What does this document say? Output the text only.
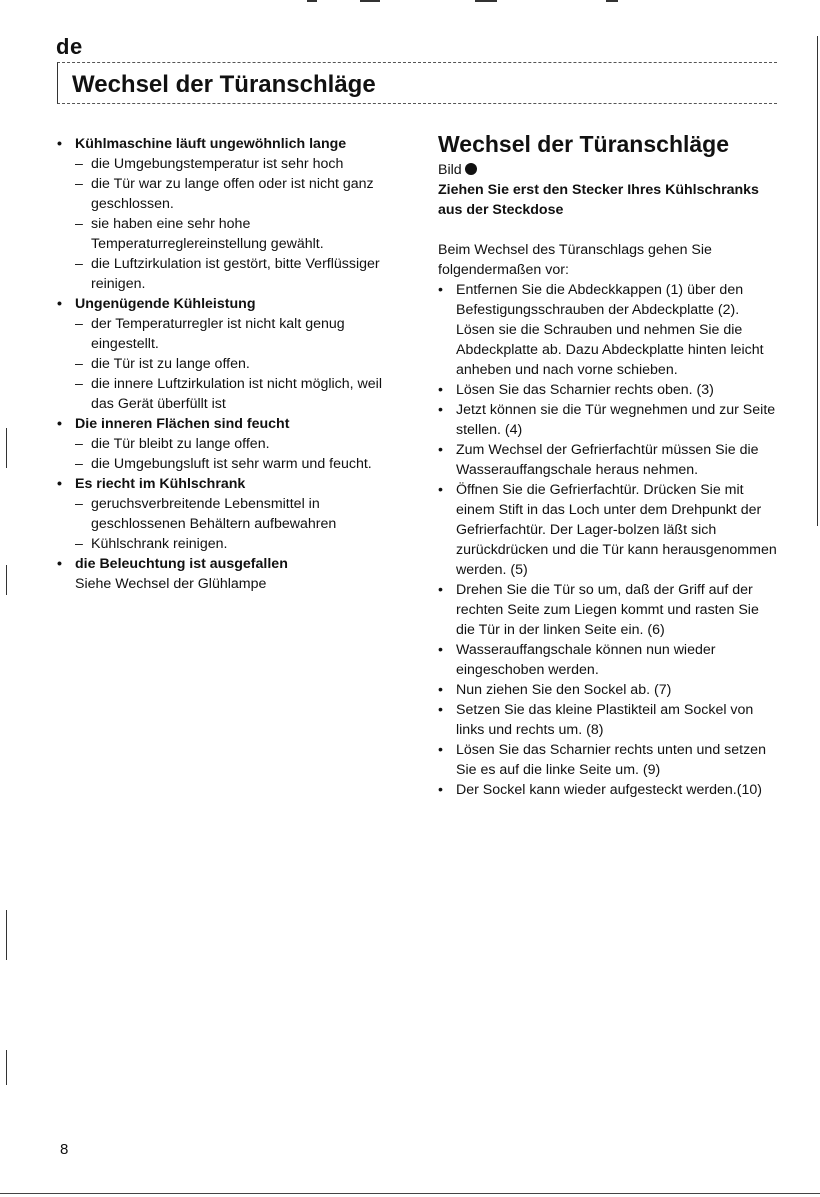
de
Wechsel der Türanschläge
• Kühlmaschine läuft ungewöhnlich lange
– die Umgebungstemperatur ist sehr hoch
– die Tür war zu lange offen oder ist nicht ganz geschlossen.
– sie haben eine sehr hohe Temperaturreglereinstellung gewählt.
– die Luftzirkulation ist gestört, bitte Verflüssiger reinigen.
• Ungenügende Kühleistung
– der Temperaturregler ist nicht kalt genug eingestellt.
– die Tür ist zu lange offen.
– die innere Luftzirkulation ist nicht möglich, weil das Gerät überfüllt ist
• Die inneren Flächen sind feucht
– die Tür bleibt zu lange offen.
– die Umgebungsluft ist sehr warm und feucht.
• Es riecht im Kühlschrank
– geruchsverbreitende Lebensmittel in geschlossenen Behältern aufbewahren
– Kühlschrank reinigen.
• die Beleuchtung ist ausgefallen
Siehe Wechsel der Glühlampe
Wechsel der Türanschläge
Bild
Ziehen Sie erst den Stecker Ihres Kühlschranks aus der Steckdose
Beim Wechsel des Türanschlags gehen Sie folgendermaßen vor:
• Entfernen Sie die Abdeckkappen (1) über den Befestigungsschrauben der Abdeckplatte (2). Lösen sie die Schrauben und nehmen Sie die Abdeckplatte ab. Dazu Abdeckplatte hinten leicht anheben und nach vorne schieben.
• Lösen Sie das Scharnier rechts oben. (3)
• Jetzt können sie die Tür wegnehmen und zur Seite stellen. (4)
• Zum Wechsel der Gefrierfachtür müssen Sie die Wasserauffangschale heraus nehmen.
• Öffnen Sie die Gefrierfachtür. Drücken Sie mit einem Stift in das Loch unter dem Drehpunkt der Gefrierfachtür. Der Lager-bolzen läßt sich zurückdrücken und die Tür kann herausgenommen werden. (5)
• Drehen Sie die Tür so um, daß der Griff auf der rechten Seite zum Liegen kommt und rasten Sie die Tür in der linken Seite ein. (6)
• Wasserauffangschale können nun wieder eingeschoben werden.
• Nun ziehen Sie den Sockel ab. (7)
• Setzen Sie das kleine Plastikteil am Sockel von links und rechts um. (8)
• Lösen Sie das Scharnier rechts unten und setzen Sie es auf die linke Seite um. (9)
• Der Sockel kann wieder aufgesteckt werden.(10)
8
